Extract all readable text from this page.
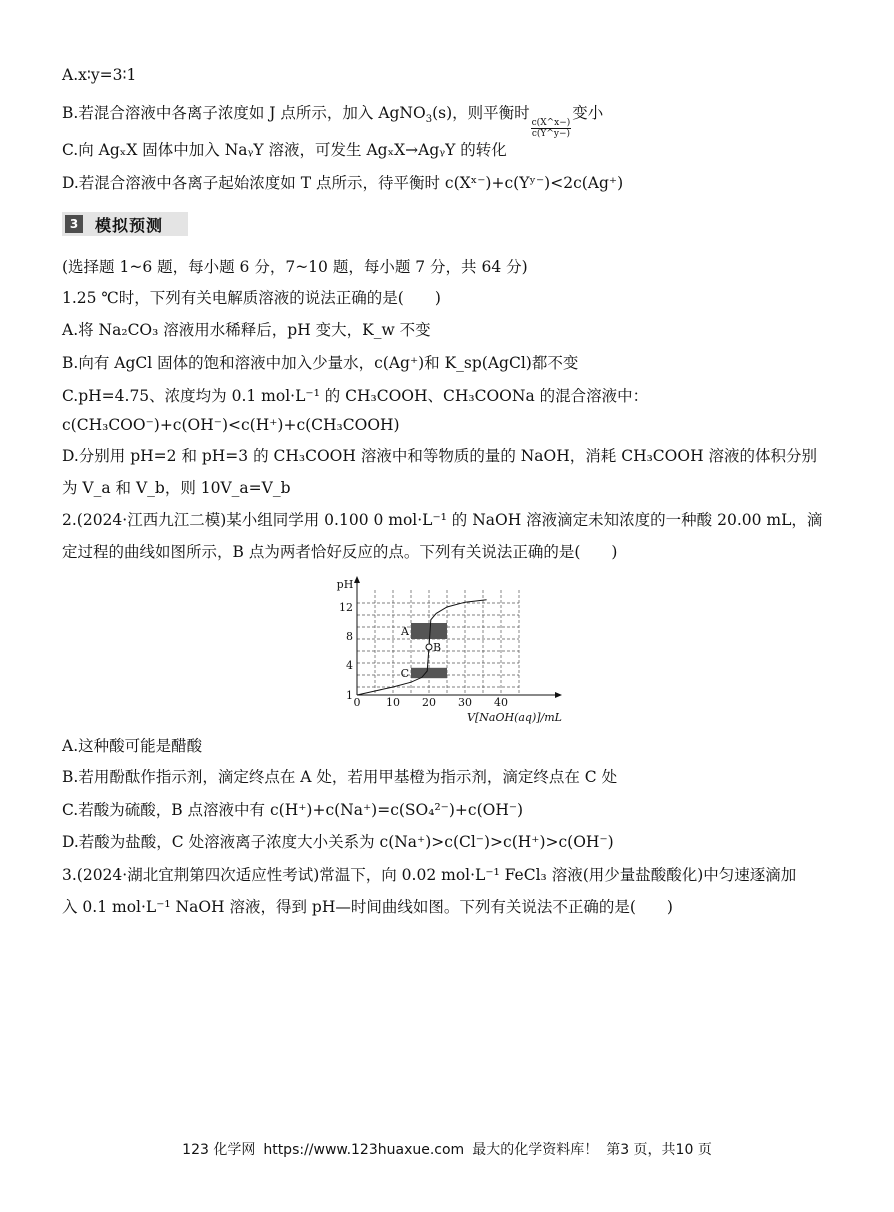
A.x∶y=3∶1
B.若混合溶液中各离子浓度如 J 点所示，加入 AgNO$_3$(s)，则平衡时
$\frac{c(X\^{}x-)}{c(Y\^{}y-)}$
变小
C.向 AgₓX 固体中加入 NaᵧY 溶液，可发生 AgₓX→AgᵧY 的转化
D.若混合溶液中各离子起始浓度如 T 点所示，待平衡时 c(Xˣ⁻)+c(Yʸ⁻)<2c(Ag⁺)
3	模拟预测
(选择题 1~6 题，每小题 6 分，7~10 题，每小题 7 分，共 64 分)
1.25 ℃时，下列有关电解质溶液的说法正确的是(　　)
A.将 Na₂CO₃ 溶液用水稀释后，pH 变大，K_w 不变
B.向有 AgCl 固体的饱和溶液中加入少量水，c(Ag⁺)和 K_sp(AgCl)都不变
C.pH=4.75、浓度均为 0.1 mol·L⁻¹ 的 CH₃COOH、CH₃COONa 的混合溶液中：
c(CH₃COO⁻)+c(OH⁻)<c(H⁺)+c(CH₃COOH)
D.分别用 pH=2 和 pH=3 的 CH₃COOH 溶液中和等物质的量的 NaOH，消耗 CH₃COOH 溶液的体积分别
为 V_a 和 V_b，则 10V_a=V_b
2.(2024·江西九江二模)某小组同学用 0.100 0 mol·L⁻¹ 的 NaOH 溶液滴定未知浓度的一种酸 20.00 mL，滴
定过程的曲线如图所示，B 点为两者恰好反应的点。下列有关说法正确的是(　　)
pH
1
4
8
12
0 10 20 30 40
V[NaOH(aq)]/mL
A
C
B
A.这种酸可能是醋酸
B.若用酚酞作指示剂，滴定终点在 A 处，若用甲基橙为指示剂，滴定终点在 C 处
C.若酸为硫酸，B 点溶液中有 c(H⁺)+c(Na⁺)=c(SO₄²⁻)+c(OH⁻)
D.若酸为盐酸，C 处溶液离子浓度大小关系为 c(Na⁺)>c(Cl⁻)>c(H⁺)>c(OH⁻)
3.(2024·湖北宜荆第四次适应性考试)常温下，向 0.02 mol·L⁻¹ FeCl₃ 溶液(用少量盐酸酸化)中匀速逐滴加
入 0.1 mol·L⁻¹ NaOH 溶液，得到 pH—时间曲线如图。下列有关说法不正确的是(　　)
123 化学网 https://www.123huaxue.com 最大的化学资料库！ 第3 页，共10 页
